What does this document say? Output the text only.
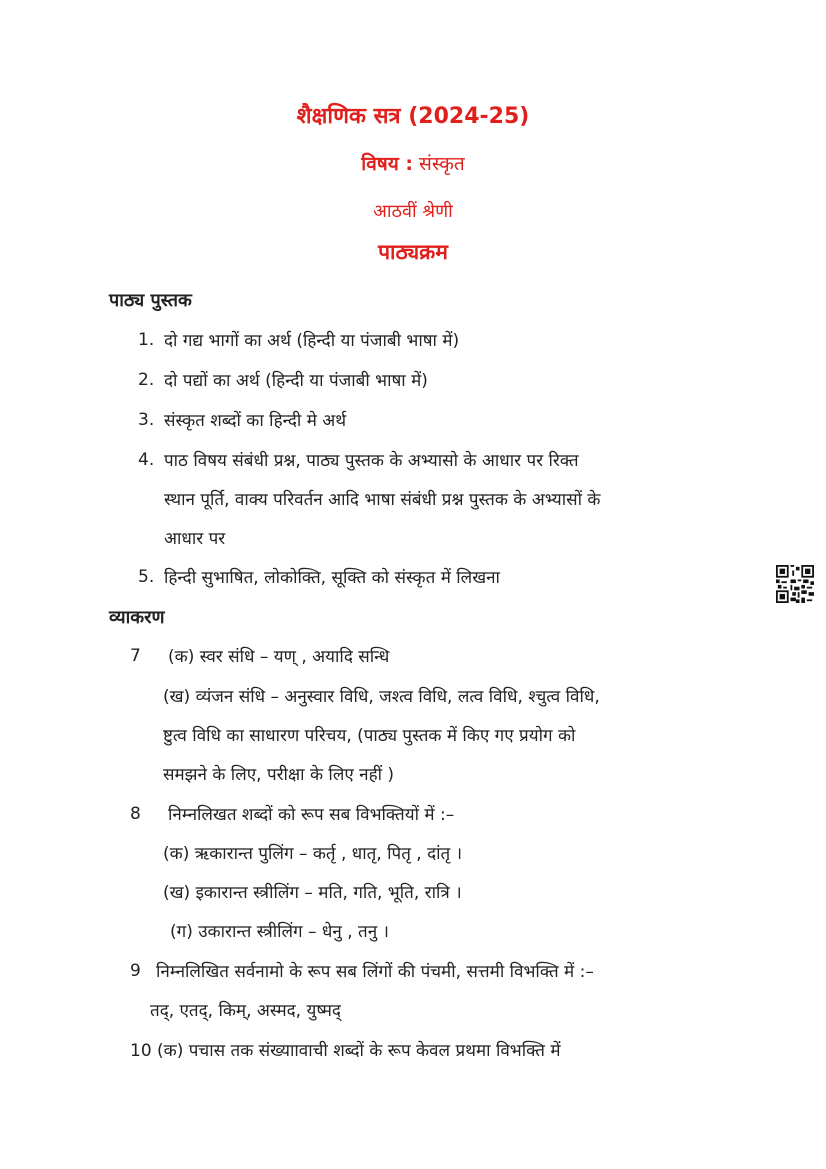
शैक्षणिक सत्र (2024-25)
विषय : संस्कृत
आठवीं श्रेणी
पाठ्यक्रम
पाठ्य पुस्तक
1. दो गद्य भागों का अर्थ (हिन्दी या पंजाबी भाषा में)
2. दो पद्यों का अर्थ (हिन्दी या पंजाबी भाषा में)
3. संस्कृत शब्दों का हिन्दी मे अर्थ
4. पाठ विषय संबंधी प्रश्न, पाठ्य पुस्तक के अभ्यासो के आधार पर रिक्त
स्थान पूर्ति, वाक्य परिवर्तन आदि भाषा संबंधी प्रश्न पुस्तक के अभ्यासों के
आधार पर
5. हिन्दी सुभाषित, लोकोक्ति, सूक्ति को संस्कृत में लिखना
व्याकरण
7 (क) स्वर संधि – यण् , अयादि सन्धि
(ख) व्यंजन संधि – अनुस्वार विधि, जश्त्व विधि, लत्व विधि, श्चुत्व विधि,
ष्टुत्व विधि का साधारण परिचय, (पाठ्य पुस्तक में किए गए प्रयोग को
समझने के लिए, परीक्षा के लिए नहीं )
8 निम्नलिखत शब्दों को रूप सब विभक्तियों में :–
(क) ऋकारान्त पुलिंग – कर्तृ , धातृ, पितृ , दांतृ ।
(ख) इकारान्त स्त्रीलिंग – मति, गति, भूति, रात्रि ।
(ग) उकारान्त स्त्रीलिंग – धेनु , तनु ।
9 निम्नलिखित सर्वनामो के रूप सब लिंगों की पंचमी, सत्तमी विभक्ति में :–
तद्, एतद्, किम्, अस्मद, युष्मद्
10 (क) पचास तक संख्याावाची शब्दों के रूप केवल प्रथमा विभक्ति में
